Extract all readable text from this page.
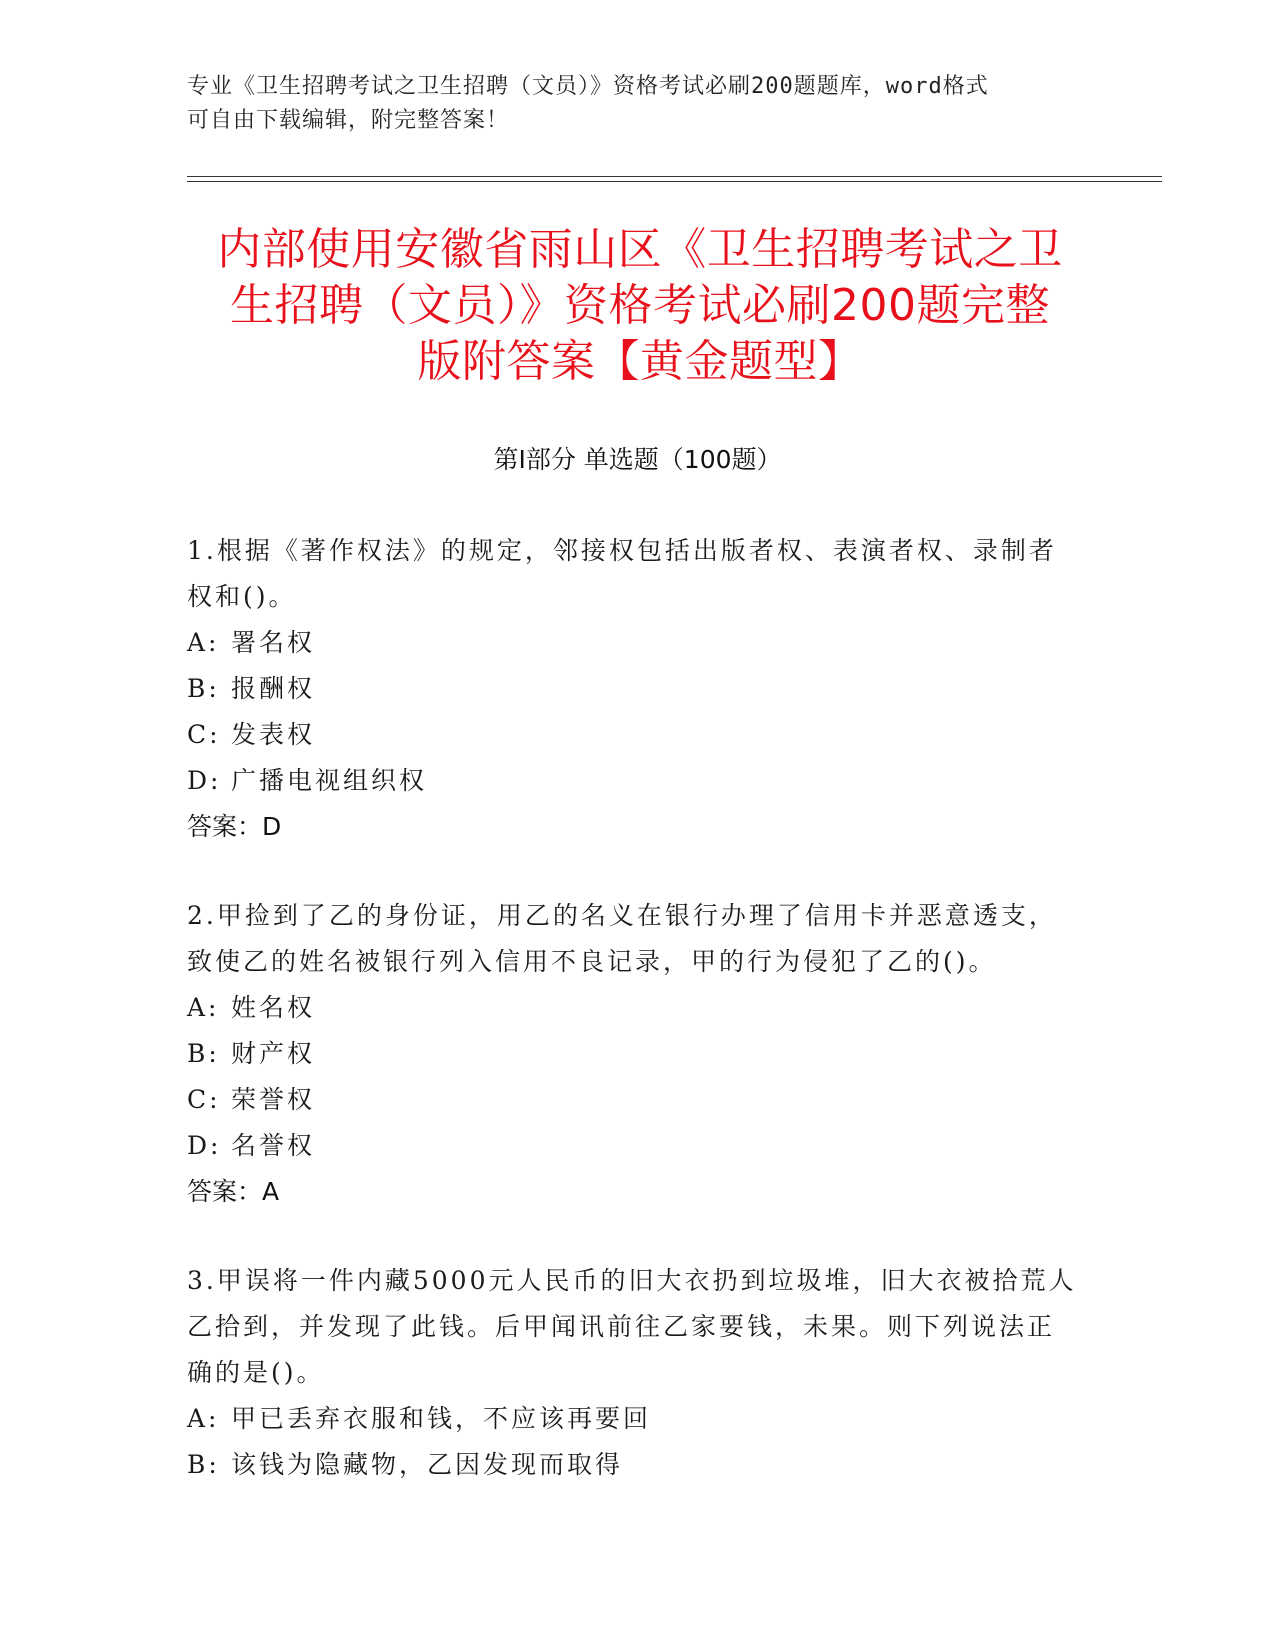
专业《卫生招聘考试之卫生招聘（文员）》资格考试必刷200题题库，word格式
可自由下载编辑，附完整答案！
内部使用安徽省雨山区《卫生招聘考试之卫
生招聘（文员）》资格考试必刷200题完整
版附答案【黄金题型】
第Ⅰ部分 单选题（100题）
1.根据《著作权法》的规定，邻接权包括出版者权、表演者权、录制者权和()。
A: 署名权
B: 报酬权
C: 发表权
D: 广播电视组织权
答案：D
2.甲捡到了乙的身份证，用乙的名义在银行办理了信用卡并恶意透支，致使乙的姓名被银行列入信用不良记录，甲的行为侵犯了乙的()。
A: 姓名权
B: 财产权
C: 荣誉权
D: 名誉权
答案：A
3.甲误将一件内藏5000元人民币的旧大衣扔到垃圾堆，旧大衣被拾荒人乙拾到，并发现了此钱。后甲闻讯前往乙家要钱，未果。则下列说法正确的是()。
A: 甲已丢弃衣服和钱，不应该再要回
B: 该钱为隐藏物，乙因发现而取得
